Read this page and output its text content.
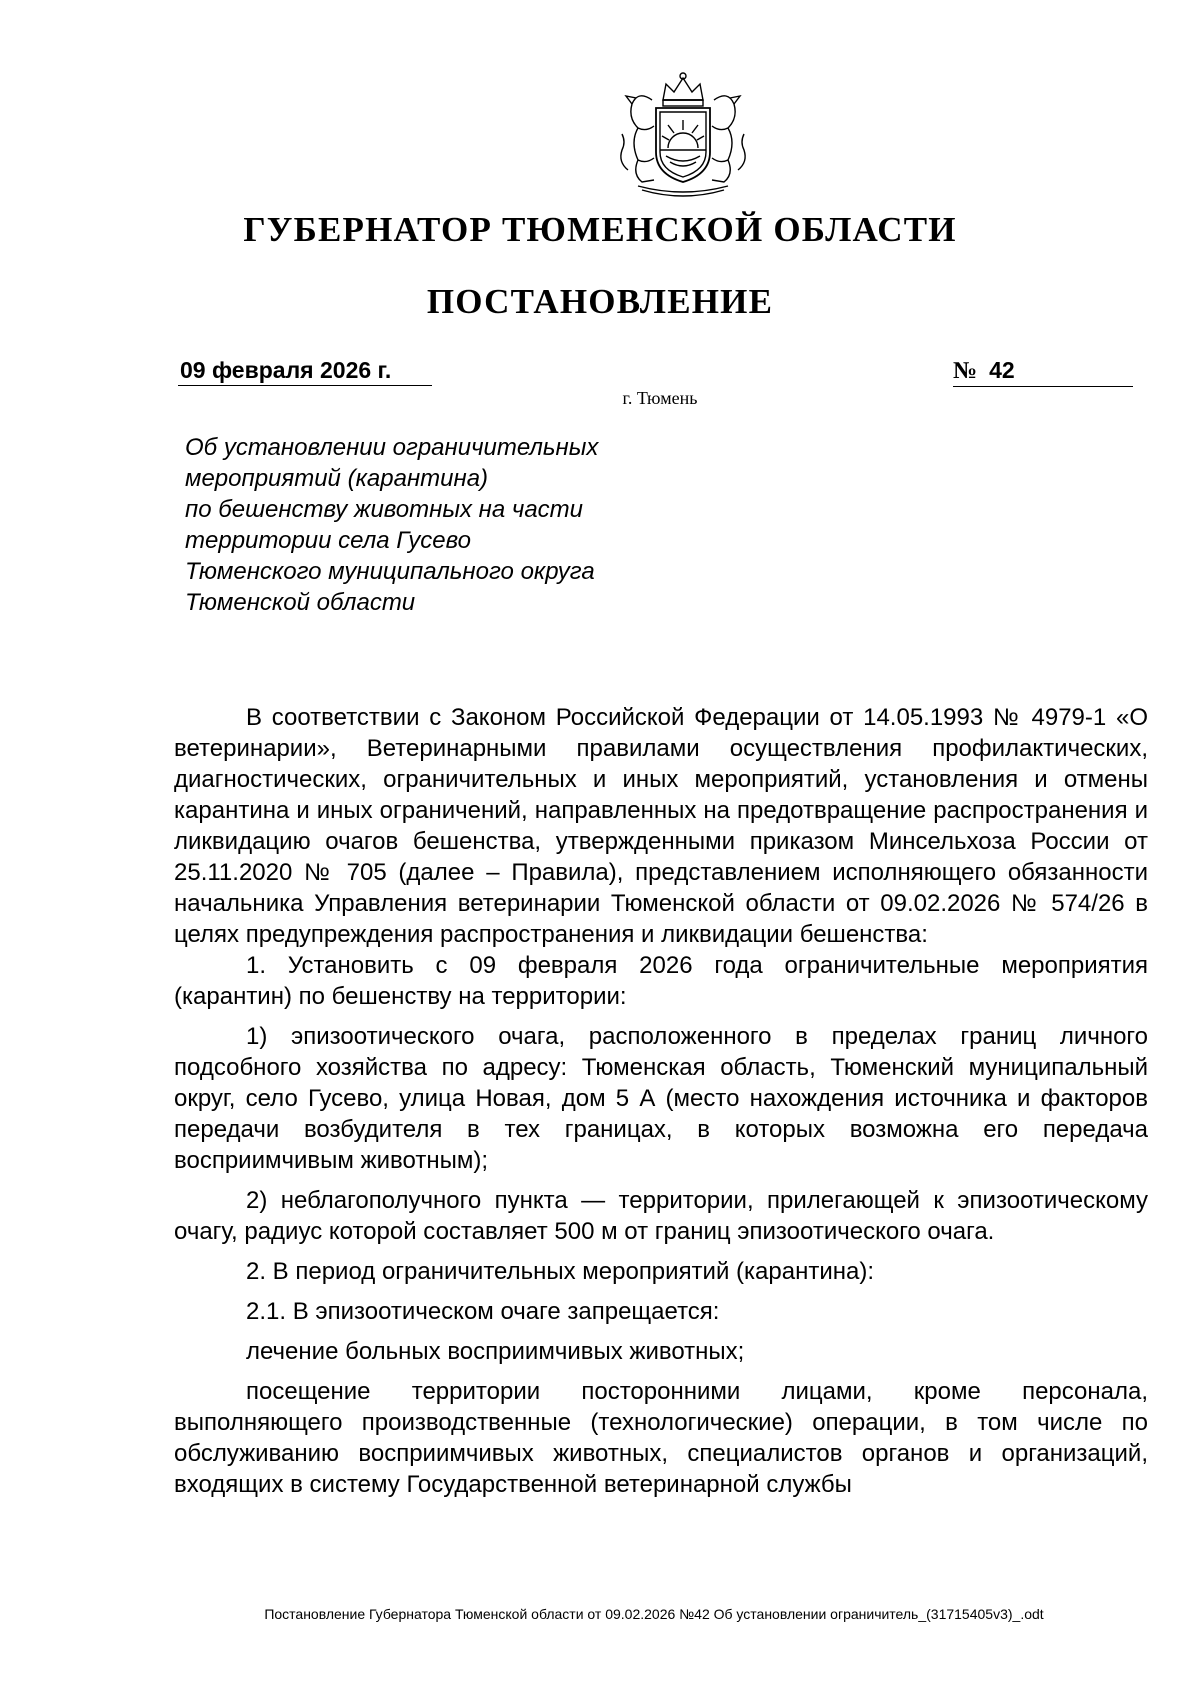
ГУБЕРНАТОР ТЮМЕНСКОЙ ОБЛАСТИ
ПОСТАНОВЛЕНИЕ
09 февраля 2026 г.	№ 42
г. Тюмень

Об установлении ограничительных
мероприятий (карантина)
по бешенству животных на части
территории села Гусево
Тюменского муниципального округа
Тюменской области

В соответствии с Законом Российской Федерации от 14.05.1993 № 4979-1 «О ветеринарии», Ветеринарными правилами осуществления профилактических, диагностических, ограничительных и иных мероприятий, установления и отмены карантина и иных ограничений, направленных на предотвращение распространения и ликвидацию очагов бешенства, утвержденными приказом Минсельхоза России от 25.11.2020 № 705 (далее – Правила), представлением исполняющего обязанности начальника Управления ветеринарии Тюменской области от 09.02.2026 № 574/26 в целях предупреждения распространения и ликвидации бешенства:

1. Установить с 09 февраля 2026 года ограничительные мероприятия (карантин) по бешенству на территории:

1) эпизоотического очага, расположенного в пределах границ личного подсобного хозяйства по адресу: Тюменская область, Тюменский муниципальный округ, село Гусево, улица Новая, дом 5 А (место нахождения источника и факторов передачи возбудителя в тех границах, в которых возможна его передача восприимчивым животным);

2) неблагополучного пункта — территории, прилегающей к эпизоотическому очагу, радиус которой составляет 500 м от границ эпизоотического очага.

2. В период ограничительных мероприятий (карантина):

2.1. В эпизоотическом очаге запрещается:

лечение больных восприимчивых животных;

посещение территории посторонними лицами, кроме персонала, выполняющего производственные (технологические) операции, в том числе по обслуживанию восприимчивых животных, специалистов органов и организаций, входящих в систему Государственной ветеринарной службы

Постановление Губернатора Тюменской области от 09.02.2026 №42 Об установлении ограничитель_(31715405v3)_.odt
